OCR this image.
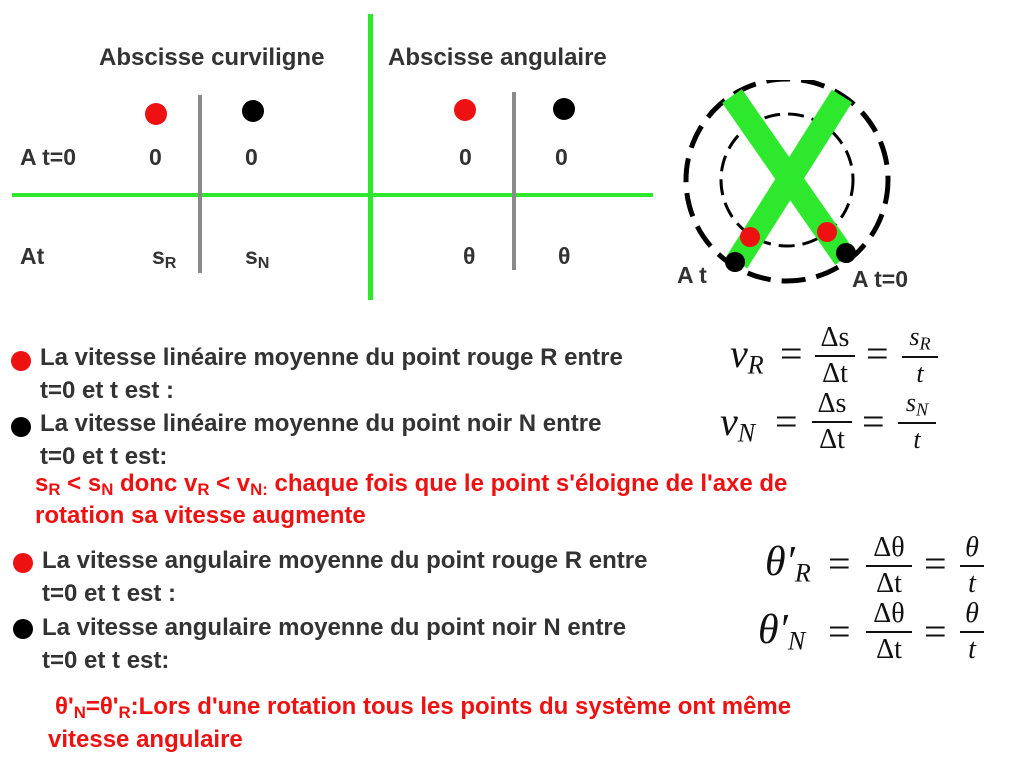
Abscisse curviligne	Abscisse angulaire
A t=0	0	0	0	0
At	$s_R$	$s_N$	θ	θ
A t	A t=0
La vitesse linéaire moyenne du point rouge R entre
t=0 et t est :
La vitesse linéaire moyenne du point noir N entre
t=0 et t est:
$v_R = \Delta s$
$\Delta t = s_R$
t
$v_N = \Delta s$
$\Delta t = s_N$
t
$s_R < s_N$ donc $v_R < v_{N:}$ chaque fois que le point s'éloigne de l'axe de
rotation sa vitesse augmente
La vitesse angulaire moyenne du point rouge R entre
t=0 et t est :
La vitesse angulaire moyenne du point noir N entre
t=0 et t est:
$\theta'_R = \Delta\theta$
Δt = θ
t
$\theta'_N = \Delta\theta$
Δt = θ
t
$\theta'_N=\theta'_R:Lors$ d'une rotation tous les points du système ont même
vitesse angulaire
